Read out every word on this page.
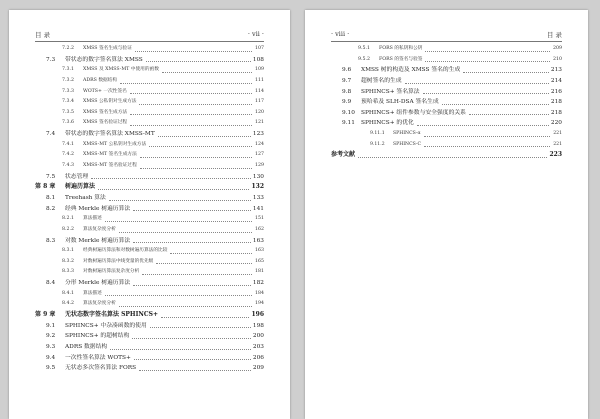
目 录	· vii ·
7.2.2	XMSS 签名生成与验证	107
7.3	带状态的数字签名算法 XMSS	108
7.3.1	XMSS 及 XMSS-MT 中使用的函数	109
7.3.2	ADRS 数据结构	111
7.3.3	WOTS+ 一次性签名	114
7.3.4	XMSS 公私钥对生成方法	117
7.3.5	XMSS 签名生成方法	120
7.3.6	XMSS 签名验证过程	121
7.4	带状态的数字签名算法 XMSS-MT	123
7.4.1	XMSS-MT 公私钥对生成方法	124
7.4.2	XMSS-MT 签名生成方法	127
7.4.3	XMSS-MT 签名验证过程	129
7.5	状态管理	130
第 8 章	树遍历算法	132
8.1	Treehash 算法	133
8.2	经典 Merkle 树遍历算法	141
8.2.1	算法描述	151
8.2.2	算法复杂度分析	162
8.3	对数 Merkle 树遍历算法	163
8.3.1	经典树遍历算法和对数树遍历算法的比较	163
8.3.2	对数树遍历算法中线变量的优先级	165
8.3.3	对数树遍历算法复杂度分析	181
8.4	分形 Merkle 树遍历算法	182
8.4.1	算法描述	184
8.4.2	算法复杂度分析	194
第 9 章	无状态数字签名算法 SPHINCS+	196
9.1	SPHINCS+ 中杂凑函数的使用	198
9.2	SPHINCS+ 的超树结构	200
9.3	ADRS 数据结构	203
9.4	一次性签名算法 WOTS+	206
9.5	无状态多次签名算法 FORS	209
· viii ·	目 录
9.5.1	FORS 的私钥和公钥	209
9.5.2	FORS 的签名与验签	210
9.6	XMSS 树的构造及 XMSS 签名的生成	213
9.7	超树签名的生成	214
9.8	SPHINCS+ 签名算法	216
9.9	预哈希及 SLH-DSA 签名生成	218
9.10	SPHINCS+ 组件参数与安全强度的关系	218
9.11	SPHINCS+ 的优化	220
9.11.1	SPHINCS-α	221
9.11.2	SPHINCS-C	221
参考文献	223
